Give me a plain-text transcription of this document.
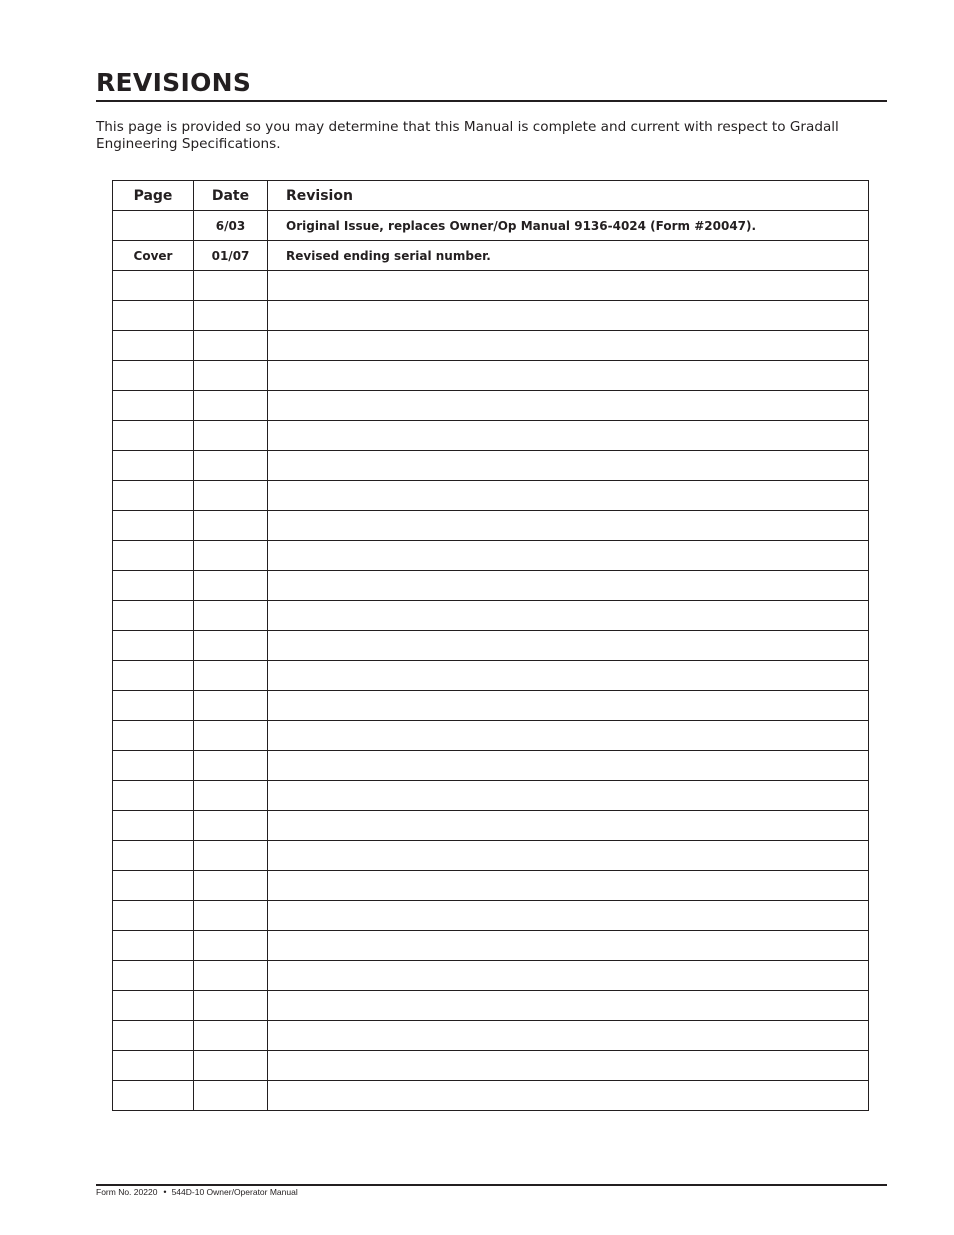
REVISIONS

This page is provided so you may determine that this Manual is complete and current with respect to Gradall Engineering Specifications.

Page	Date	Revision
	6/03	Original Issue, replaces Owner/Op Manual 9136-4024 (Form #20047).
Cover	01/07	Revised ending serial number.

Form No. 20220 • 544D-10 Owner/Operator Manual
